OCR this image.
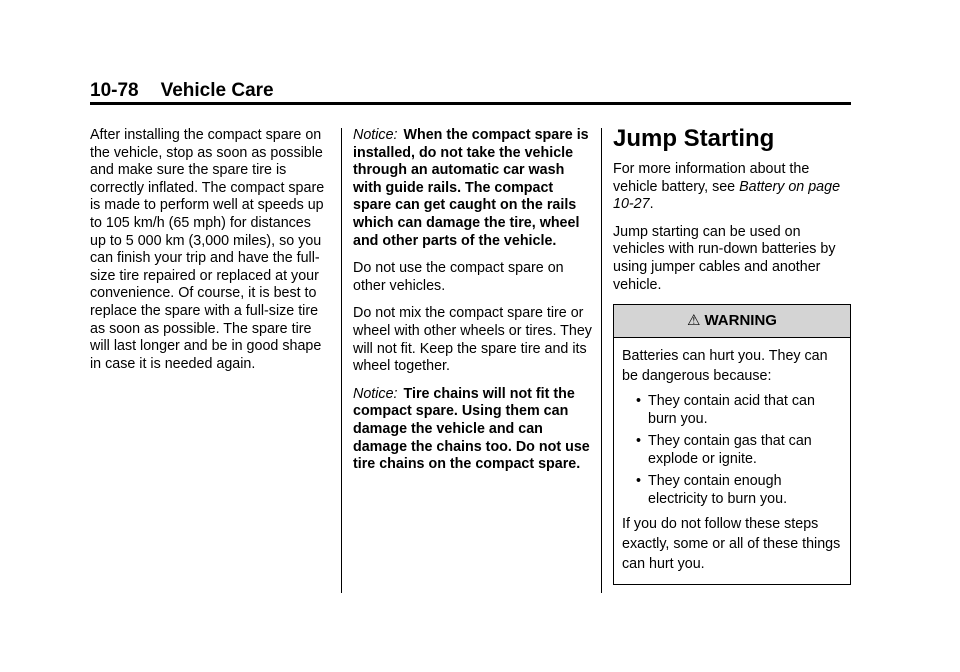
10-78 Vehicle Care

After installing the compact spare on the vehicle, stop as soon as possible and make sure the spare tire is correctly inflated. The compact spare is made to perform well at speeds up to 105 km/h (65 mph) for distances up to 5 000 km (3,000 miles), so you can finish your trip and have the full-size tire repaired or replaced at your convenience. Of course, it is best to replace the spare with a full-size tire as soon as possible. The spare tire will last longer and be in good shape in case it is needed again.

Notice: When the compact spare is installed, do not take the vehicle through an automatic car wash with guide rails. The compact spare can get caught on the rails which can damage the tire, wheel and other parts of the vehicle.

Do not use the compact spare on other vehicles.

Do not mix the compact spare tire or wheel with other wheels or tires. They will not fit. Keep the spare tire and its wheel together.

Notice: Tire chains will not fit the compact spare. Using them can damage the vehicle and can damage the chains too. Do not use tire chains on the compact spare.

Jump Starting

For more information about the vehicle battery, see Battery on page 10-27.

Jump starting can be used on vehicles with run-down batteries by using jumper cables and another vehicle.

⚠ WARNING

Batteries can hurt you. They can be dangerous because:

• They contain acid that can burn you.
• They contain gas that can explode or ignite.
• They contain enough electricity to burn you.

If you do not follow these steps exactly, some or all of these things can hurt you.
